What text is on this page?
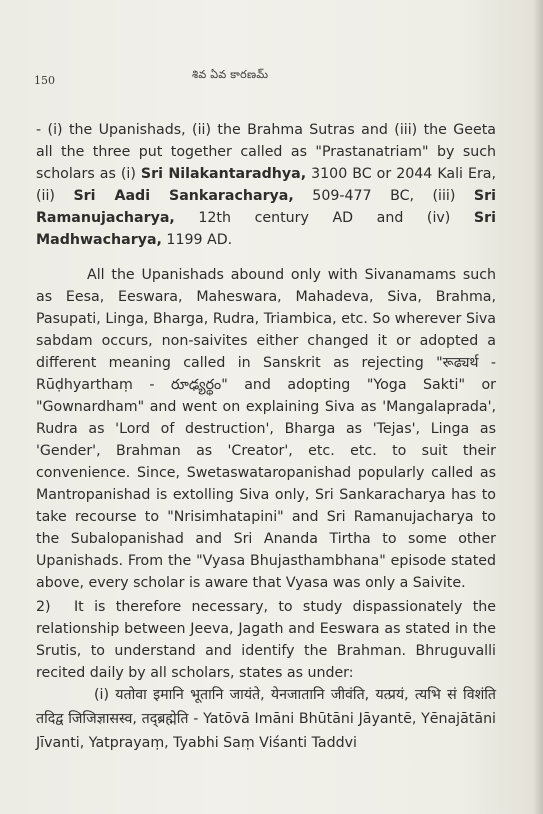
150	శివ ఏవ కారణమ్
- (i) the Upanishads, (ii) the Brahma Sutras and (iii) the Geeta all the three put together called as "Prastanatriam" by such scholars as (i) Sri Nilakantaradhya, 3100 BC or 2044 Kali Era, (ii) Sri Aadi Sankaracharya, 509-477 BC, (iii) Sri Ramanujacharya, 12th century AD and (iv) Sri Madhwacharya, 1199 AD.
All the Upanishads abound only with Sivanamams such as Eesa, Eeswara, Maheswara, Mahadeva, Siva, Brahma, Pasupati, Linga, Bharga, Rudra, Triambica, etc. So wherever Siva sabdam occurs, non-saivites either changed it or adopted a different meaning called in Sanskrit as rejecting "रूढ्यर्थ - Rūḍhyarthaṃ - రూఢ్యర్థం" and adopting "Yoga Sakti" or "Gownardham" and went on explaining Siva as 'Mangalaprada', Rudra as 'Lord of destruction', Bharga as 'Tejas', Linga as 'Gender', Brahman as 'Creator', etc. etc. to suit their convenience. Since, Swetaswataropanishad popularly called as Mantropanishad is extolling Siva only, Sri Sankaracharya has to take recourse to "Nrisimhatapini" and Sri Ramanujacharya to the Subalopanishad and Sri Ananda Tirtha to some other Upanishads. From the "Vyasa Bhujasthambhana" episode stated above, every scholar is aware that Vyasa was only a Saivite.
2) It is therefore necessary, to study dispassionately the relationship between Jeeva, Jagath and Eeswara as stated in the Srutis, to understand and identify the Brahman. Bhruguvalli recited daily by all scholars, states as under:
(i) यतोवा इमानि भूतानि जायंते, येनजातानि जीवंति, यत्प्रयं, त्यभि सं विशंति तदिद्व जिजिज्ञासस्व, तद्ब्रह्मेति - Yatōvā Imāni Bhūtāni Jāyantē, Yēnajātāni Jīvanti, Yatprayaṃ, Tyabhi Saṃ Viśanti Taddvi
